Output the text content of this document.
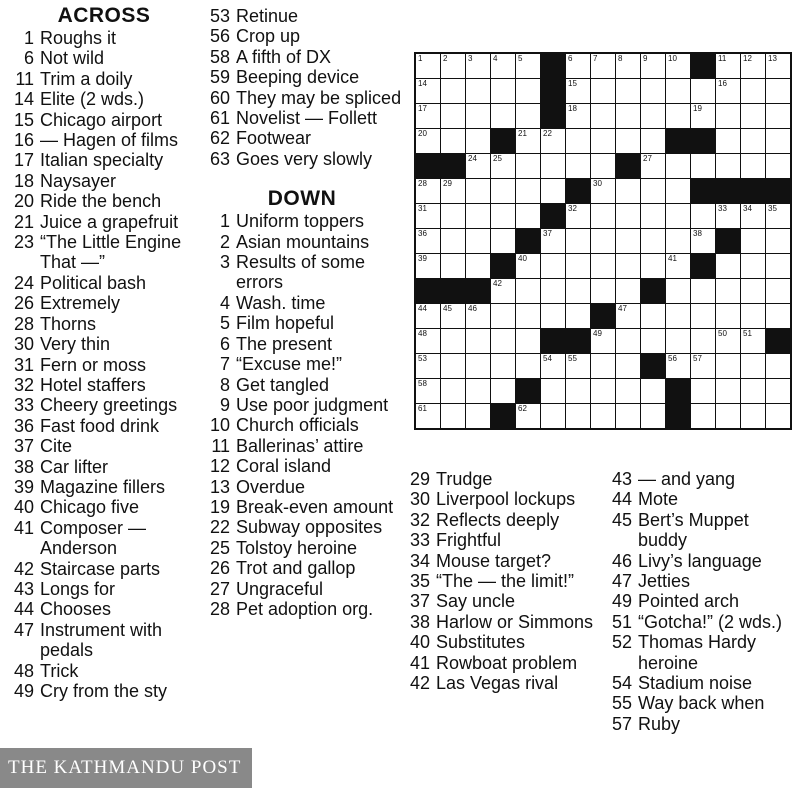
ACROSS
1 Roughs it
6 Not wild
11 Trim a doily
14 Elite (2 wds.)
15 Chicago airport
16 — Hagen of films
17 Italian specialty
18 Naysayer
20 Ride the bench
21 Juice a grapefruit
23 “The Little Engine That —”
24 Political bash
26 Extremely
28 Thorns
30 Very thin
31 Fern or moss
32 Hotel staffers
33 Cheery greetings
36 Fast food drink
37 Cite
38 Car lifter
39 Magazine fillers
40 Chicago five
41 Composer — Anderson
42 Staircase parts
43 Longs for
44 Chooses
47 Instrument with pedals
48 Trick
49 Cry from the sty
53 Retinue
56 Crop up
58 A fifth of DX
59 Beeping device
60 They may be spliced
61 Novelist — Follett
62 Footwear
63 Goes very slowly
DOWN
1 Uniform toppers
2 Asian mountains
3 Results of some errors
4 Wash. time
5 Film hopeful
6 The present
7 “Excuse me!”
8 Get tangled
9 Use poor judgment
10 Church officials
11 Ballerinas’ attire
12 Coral island
13 Overdue
19 Break-even amount
22 Subway opposites
25 Tolstoy heroine
26 Trot and gallop
27 Ungraceful
28 Pet adoption org.
29 Trudge
30 Liverpool lockups
32 Reflects deeply
33 Frightful
34 Mouse target?
35 “The — the limit!”
37 Say uncle
38 Harlow or Simmons
40 Substitutes
41 Rowboat problem
42 Las Vegas rival
43 — and yang
44 Mote
45 Bert’s Muppet buddy
46 Livy’s language
47 Jetties
49 Pointed arch
51 “Gotcha!” (2 wds.)
52 Thomas Hardy heroine
54 Stadium noise
55 Way back when
57 Ruby
1	2	3	4	5	6	7	8	9	10	11 12 13
14	15	16
17	18	19
20	21 22
24 25	27
28 29	30
31	32	33 34 35
36	37	38
39	40	41
42
44 45 46	47
48	49	50 51
53	54 55	56 57
58
61	62
THE KATHMANDU POST
